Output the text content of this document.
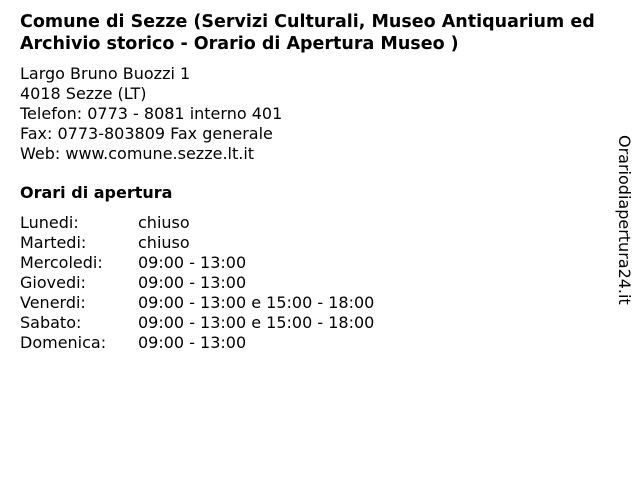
Comune di Sezze (Servizi Culturali, Museo Antiquarium ed Archivio storico - Orario di Apertura Museo )
Largo Bruno Buozzi 1
4018 Sezze (LT)
Telefon: 0773 - 8081 interno 401
Fax: 0773-803809 Fax generale
Web: www.comune.sezze.lt.it
Orari di apertura
Lunedi:	chiuso
Martedi:	chiuso
Mercoledi:	09:00 - 13:00
Giovedi:	09:00 - 13:00
Venerdi:	09:00 - 13:00 e 15:00 - 18:00
Sabato:	09:00 - 13:00 e 15:00 - 18:00
Domenica:	09:00 - 13:00
Orariodiapertura24.it
